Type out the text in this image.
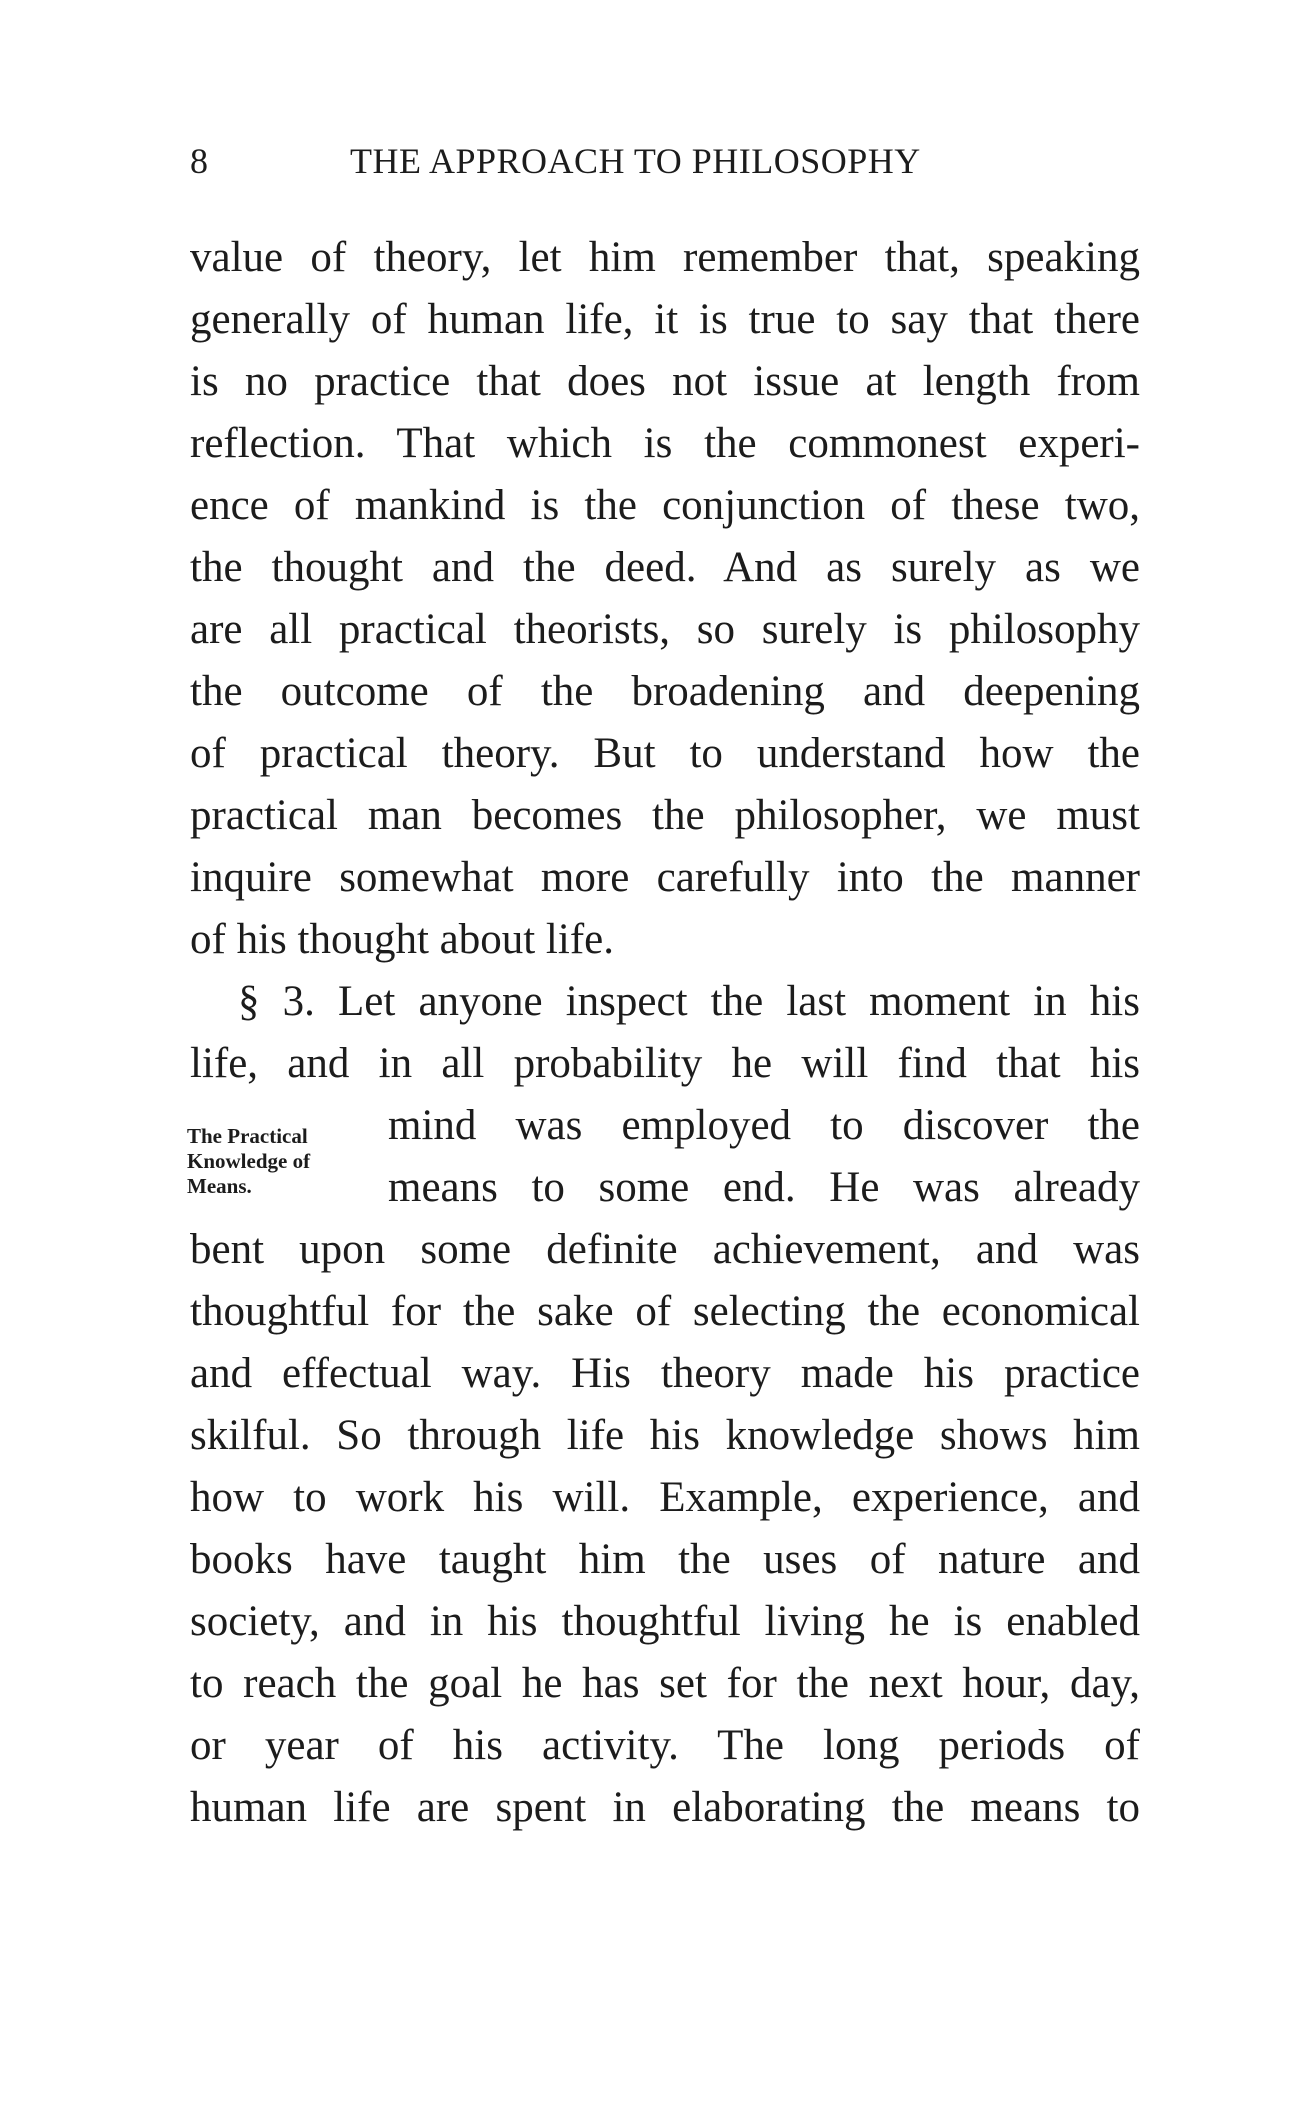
8	THE APPROACH TO PHILOSOPHY
The Practical
Knowledge of
Means.
value of theory, let him remember that, speaking
generally of human life, it is true to say that there
is no practice that does not issue at length from
reflection. That which is the commonest experi-
ence of mankind is the conjunction of these two,
the thought and the deed. And as surely as we
are all practical theorists, so surely is philosophy
the outcome of the broadening and deepening
of practical theory. But to understand how the
practical man becomes the philosopher, we must
inquire somewhat more carefully into the manner
of his thought about life.
§ 3. Let anyone inspect the last moment in his
life, and in all probability he will find that his
mind was employed to discover the
means to some end. He was already
bent upon some definite achievement, and was
thoughtful for the sake of selecting the economical
and effectual way. His theory made his practice
skilful. So through life his knowledge shows him
how to work his will. Example, experience, and
books have taught him the uses of nature and
society, and in his thoughtful living he is enabled
to reach the goal he has set for the next hour, day,
or year of his activity. The long periods of
human life are spent in elaborating the means to
